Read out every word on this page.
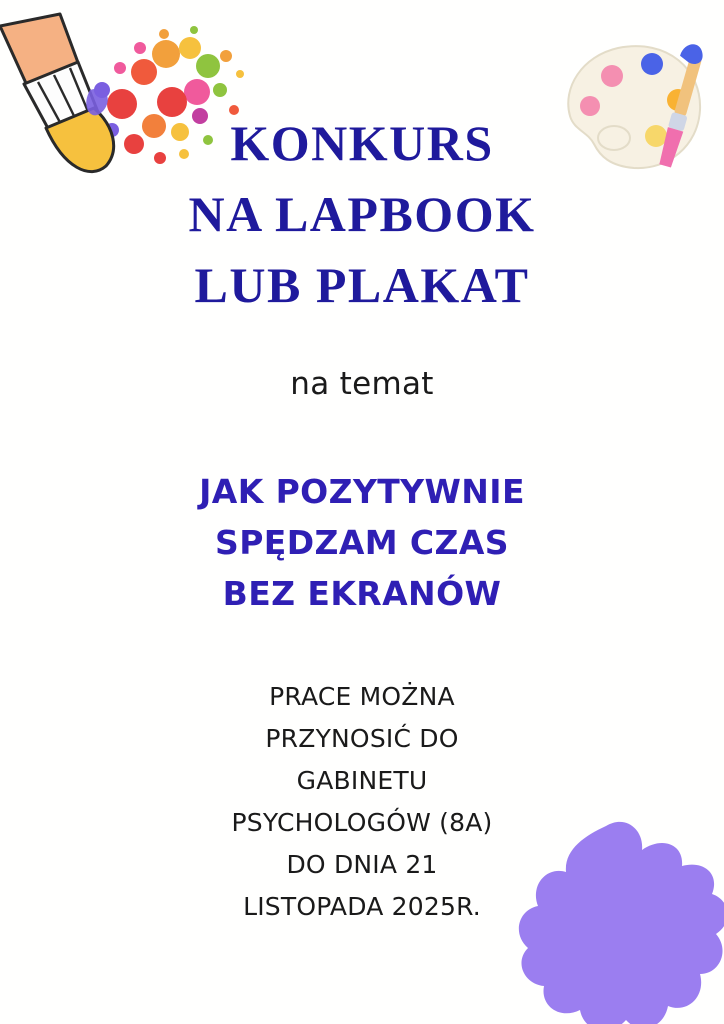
KONKURS
NA LAPBOOK
LUB PLAKAT
na temat
JAK POZYTYWNIE
SPĘDZAM CZAS
BEZ EKRANÓW
PRACE MOŻNA
PRZYNOSIĆ DO
GABINETU
PSYCHOLOGÓW (8A)
DO DNIA 21
LISTOPADA 2025R.
